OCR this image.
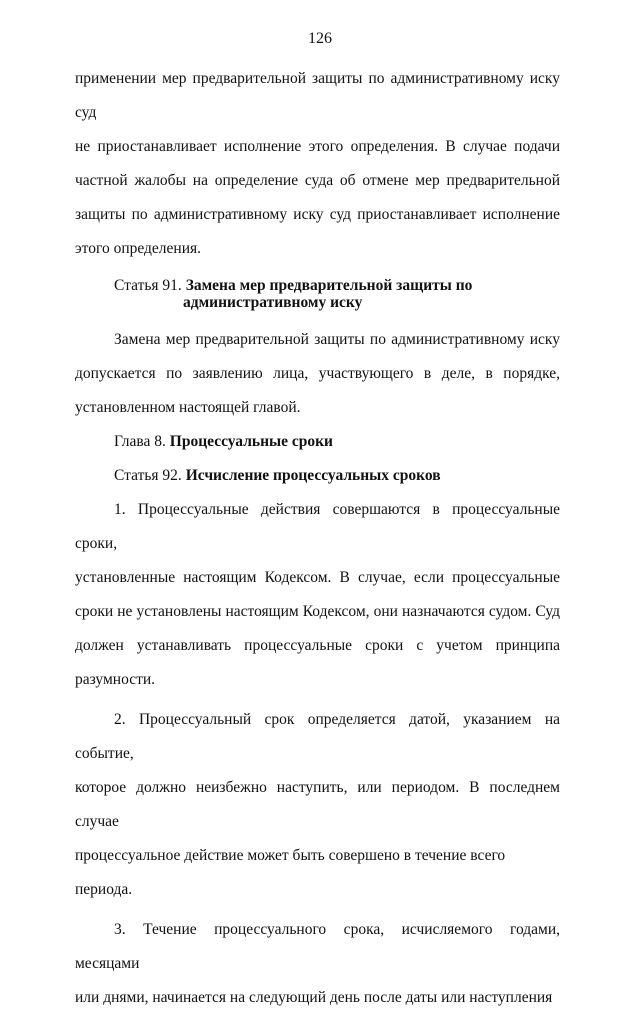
126
применении мер предварительной защиты по административному иску суд
не приостанавливает исполнение этого определения. В случае подачи
частной жалобы на определение суда об отмене мер предварительной
защиты по административному иску суд приостанавливает исполнение
этого определения.
Статья 91. Замена мер предварительной защиты по
административному иску
Замена мер предварительной защиты по административному иску
допускается по заявлению лица, участвующего в деле, в порядке,
установленном настоящей главой.
Глава 8. Процессуальные сроки
Статья 92. Исчисление процессуальных сроков
1. Процессуальные действия совершаются в процессуальные сроки,
установленные настоящим Кодексом. В случае, если процессуальные
сроки не установлены настоящим Кодексом, они назначаются судом. Суд
должен устанавливать процессуальные сроки с учетом принципа
разумности.
2. Процессуальный срок определяется датой, указанием на событие,
которое должно неизбежно наступить, или периодом. В последнем случае
процессуальное действие может быть совершено в течение всего периода.
3. Течение процессуального срока, исчисляемого годами, месяцами
или днями, начинается на следующий день после даты или наступления
